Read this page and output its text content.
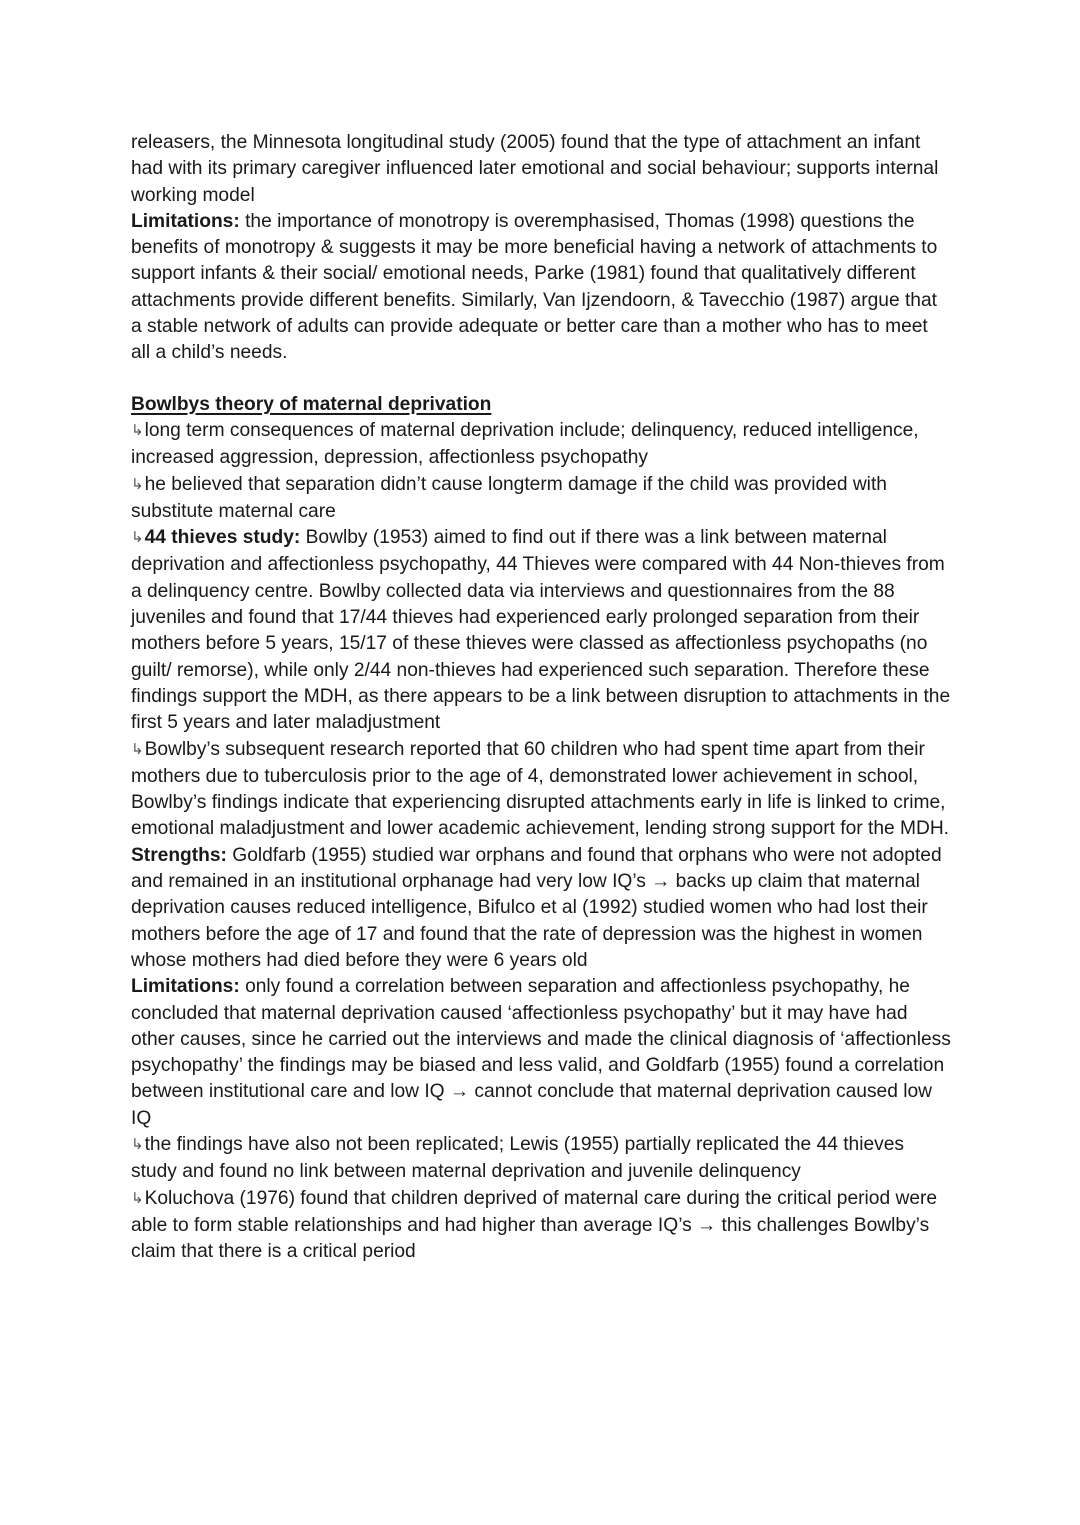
releasers, the Minnesota longitudinal study (2005) found that the type of attachment an infant had with its primary caregiver influenced later emotional and social behaviour; supports internal working model

Limitations: the importance of monotropy is overemphasised, Thomas (1998) questions the benefits of monotropy & suggests it may be more beneficial having a network of attachments to support infants & their social/ emotional needs, Parke (1981) found that qualitatively different attachments provide different benefits. Similarly, Van Ijzendoorn, & Tavecchio (1987) argue that a stable network of adults can provide adequate or better care than a mother who has to meet all a child’s needs.

Bowlbys theory of maternal deprivation

↳long term consequences of maternal deprivation include; delinquency, reduced intelligence, increased aggression, depression, affectionless psychopathy

↳he believed that separation didn’t cause longterm damage if the child was provided with substitute maternal care

↳44 thieves study: Bowlby (1953) aimed to find out if there was a link between maternal deprivation and affectionless psychopathy, 44 Thieves were compared with 44 Non-thieves from a delinquency centre. Bowlby collected data via interviews and questionnaires from the 88 juveniles and found that 17/44 thieves had experienced early prolonged separation from their mothers before 5 years, 15/17 of these thieves were classed as affectionless psychopaths (no guilt/ remorse), while only 2/44 non-thieves had experienced such separation. Therefore these findings support the MDH, as there appears to be a link between disruption to attachments in the first 5 years and later maladjustment

↳Bowlby’s subsequent research reported that 60 children who had spent time apart from their mothers due to tuberculosis prior to the age of 4, demonstrated lower achievement in school, Bowlby’s findings indicate that experiencing disrupted attachments early in life is linked to crime, emotional maladjustment and lower academic achievement, lending strong support for the MDH.

Strengths: Goldfarb (1955) studied war orphans and found that orphans who were not adopted and remained in an institutional orphanage had very low IQ’s → backs up claim that maternal deprivation causes reduced intelligence, Bifulco et al (1992) studied women who had lost their mothers before the age of 17 and found that the rate of depression was the highest in women whose mothers had died before they were 6 years old

Limitations: only found a correlation between separation and affectionless psychopathy, he concluded that maternal deprivation caused ‘affectionless psychopathy’ but it may have had other causes, since he carried out the interviews and made the clinical diagnosis of ‘affectionless psychopathy’ the findings may be biased and less valid, and Goldfarb (1955) found a correlation between institutional care and low IQ → cannot conclude that maternal deprivation caused low IQ

↳the findings have also not been replicated; Lewis (1955) partially replicated the 44 thieves study and found no link between maternal deprivation and juvenile delinquency

↳Koluchova (1976) found that children deprived of maternal care during the critical period were able to form stable relationships and had higher than average IQ’s → this challenges Bowlby’s claim that there is a critical period
